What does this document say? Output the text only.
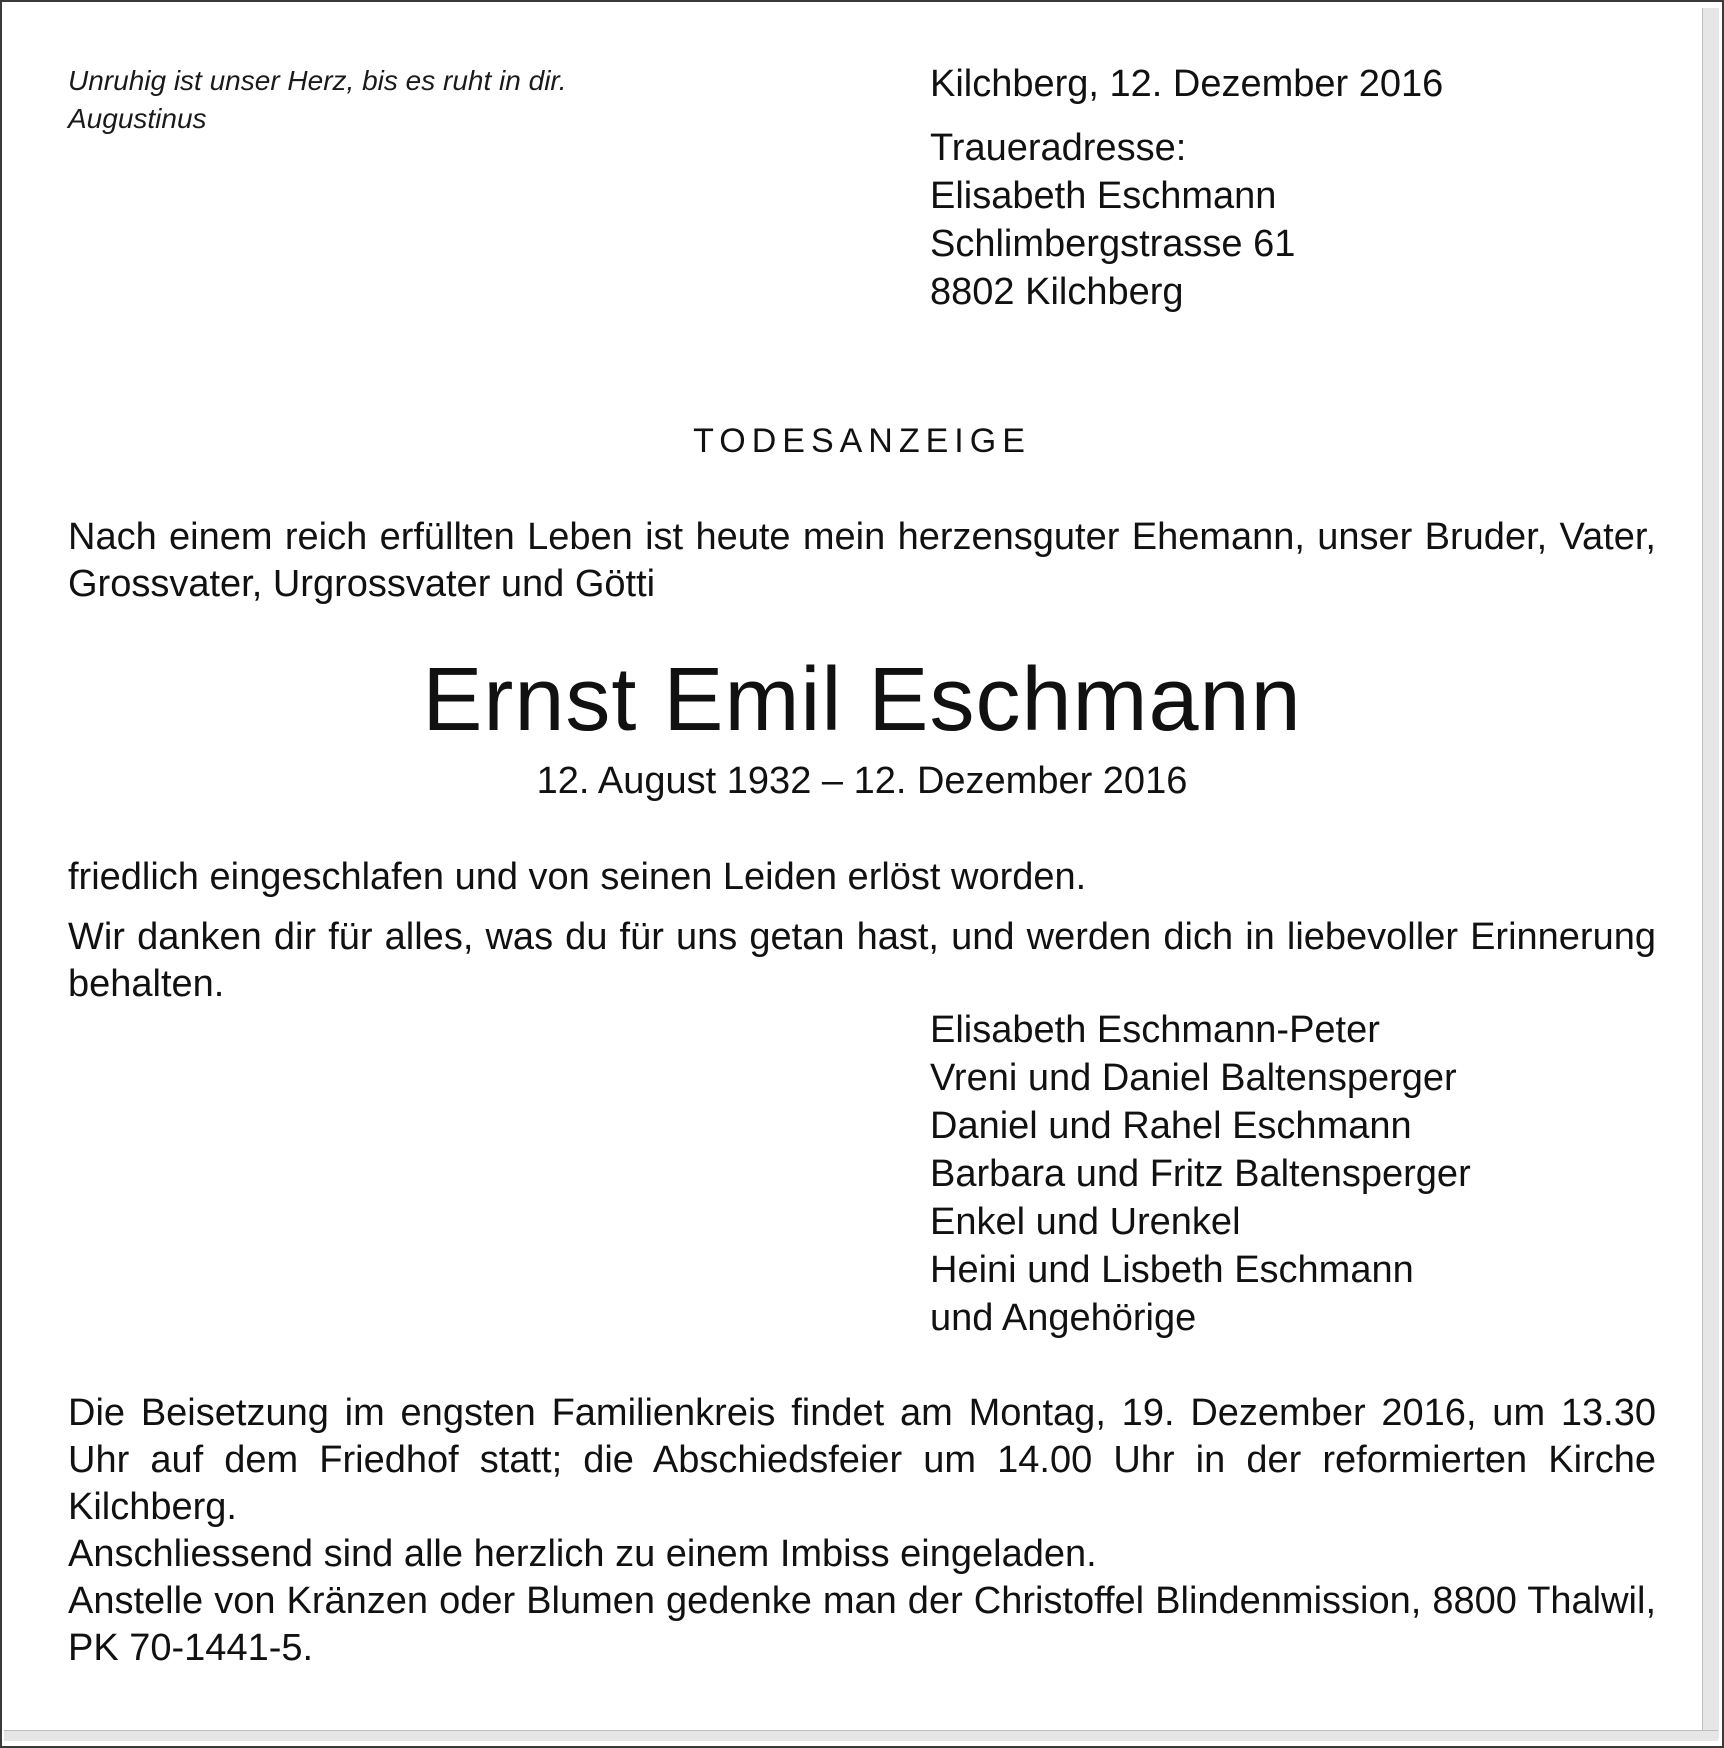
Unruhig ist unser Herz, bis es ruht in dir.
Augustinus
Kilchberg, 12. Dezember 2016
Traueradresse:
Elisabeth Eschmann
Schlimbergstrasse 61
8802 Kilchberg
TODESANZEIGE

Nach einem reich erfüllten Leben ist heute mein herzensguter Ehemann, unser Bruder, Vater, Grossvater, Urgrossvater und Götti

Ernst Emil Eschmann
12. August 1932 – 12. Dezember 2016

friedlich eingeschlafen und von seinen Leiden erlöst worden.

Wir danken dir für alles, was du für uns getan hast, und werden dich in liebevoller Erinnerung behalten.

Elisabeth Eschmann-Peter
Vreni und Daniel Baltensperger
Daniel und Rahel Eschmann
Barbara und Fritz Baltensperger
Enkel und Urenkel
Heini und Lisbeth Eschmann
und Angehörige
Die Beisetzung im engsten Familienkreis findet am Montag, 19. Dezember 2016, um 13.30 Uhr auf dem Friedhof statt; die Abschiedsfeier um 14.00 Uhr in der reformierten Kirche Kilchberg.
Anschliessend sind alle herzlich zu einem Imbiss eingeladen.
Anstelle von Kränzen oder Blumen gedenke man der Christoffel Blindenmission, 8800 Thalwil, PK 70-1441-5.
